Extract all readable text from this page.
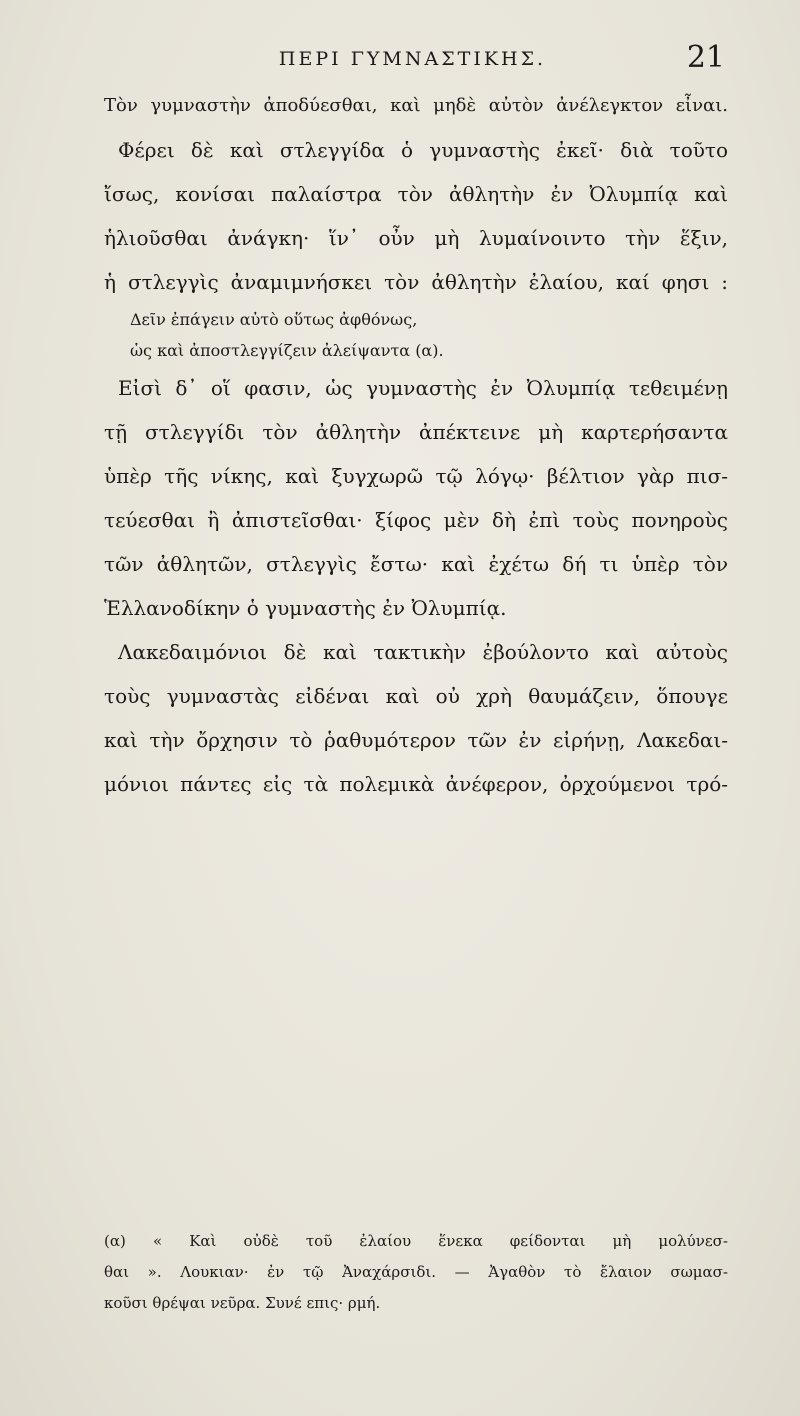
ΠΕΡΙ ΓΥΜΝΑΣΤΙΚΗΣ.	21
Τὸν γυμναστὴν ἀποδύεσθαι, καὶ μηδὲ αὐτὸν ἀνέλεγκτον εἶναι.
Φέρει δὲ καὶ στλεγγίδα ὁ γυμναστὴς ἐκεῖ· διὰ τοῦτο
ἴσως, κονίσαι παλαίστρα τὸν ἀθλητὴν ἐν Ὀλυμπίᾳ καὶ
ἡλιοῦσθαι ἀνάγκη· ἵν᾽ οὖν μὴ λυμαίνοιντο τὴν ἕξιν,
ἡ στλεγγὶς ἀναμιμνήσκει τὸν ἀθλητὴν ἐλαίου, καί φησι :
Δεῖν ἐπάγειν αὐτὸ οὕτως ἀφθόνως,
ὡς καὶ ἀποστλεγγίζειν ἀλείψαντα (α).
Εἰσὶ δ᾽ οἵ φασιν, ὡς γυμναστὴς ἐν Ὀλυμπίᾳ τεθειμένῃ
τῇ στλεγγίδι τὸν ἀθλητὴν ἀπέκτεινε μὴ καρτερήσαντα
ὑπὲρ τῆς νίκης, καὶ ξυγχωρῶ τῷ λόγῳ· βέλτιον γὰρ πισ-
τεύεσθαι ἢ ἀπιστεῖσθαι· ξίφος μὲν δὴ ἐπὶ τοὺς πονηροὺς
τῶν ἀθλητῶν, στλεγγὶς ἔστω· καὶ ἐχέτω δή τι ὑπὲρ τὸν
Ἑλλανοδίκην ὁ γυμναστὴς ἐν Ὀλυμπίᾳ.
Λακεδαιμόνιοι δὲ καὶ τακτικὴν ἐβούλοντο καὶ αὐτοὺς
τοὺς γυμναστὰς εἰδέναι καὶ οὐ χρὴ θαυμάζειν, ὅπουγε
καὶ τὴν ὄρχησιν τὸ ῥαθυμότερον τῶν ἐν εἰρήνῃ, Λακεδαι-
μόνιοι πάντες εἰς τὰ πολεμικὰ ἀνέφερον, ὀρχούμενοι τρό-
(α) « Καὶ οὐδὲ τοῦ ἐλαίου ἕνεκα φείδονται μὴ μολύνεσ-
θαι ». Λουκιαν· ἐν τῷ Ἀναχάρσιδι. — Ἀγαθὸν τὸ ἔλαιον σωμασ-
κοῦσι θρέψαι νεῦρα. Συνέ επις· ρμή.
